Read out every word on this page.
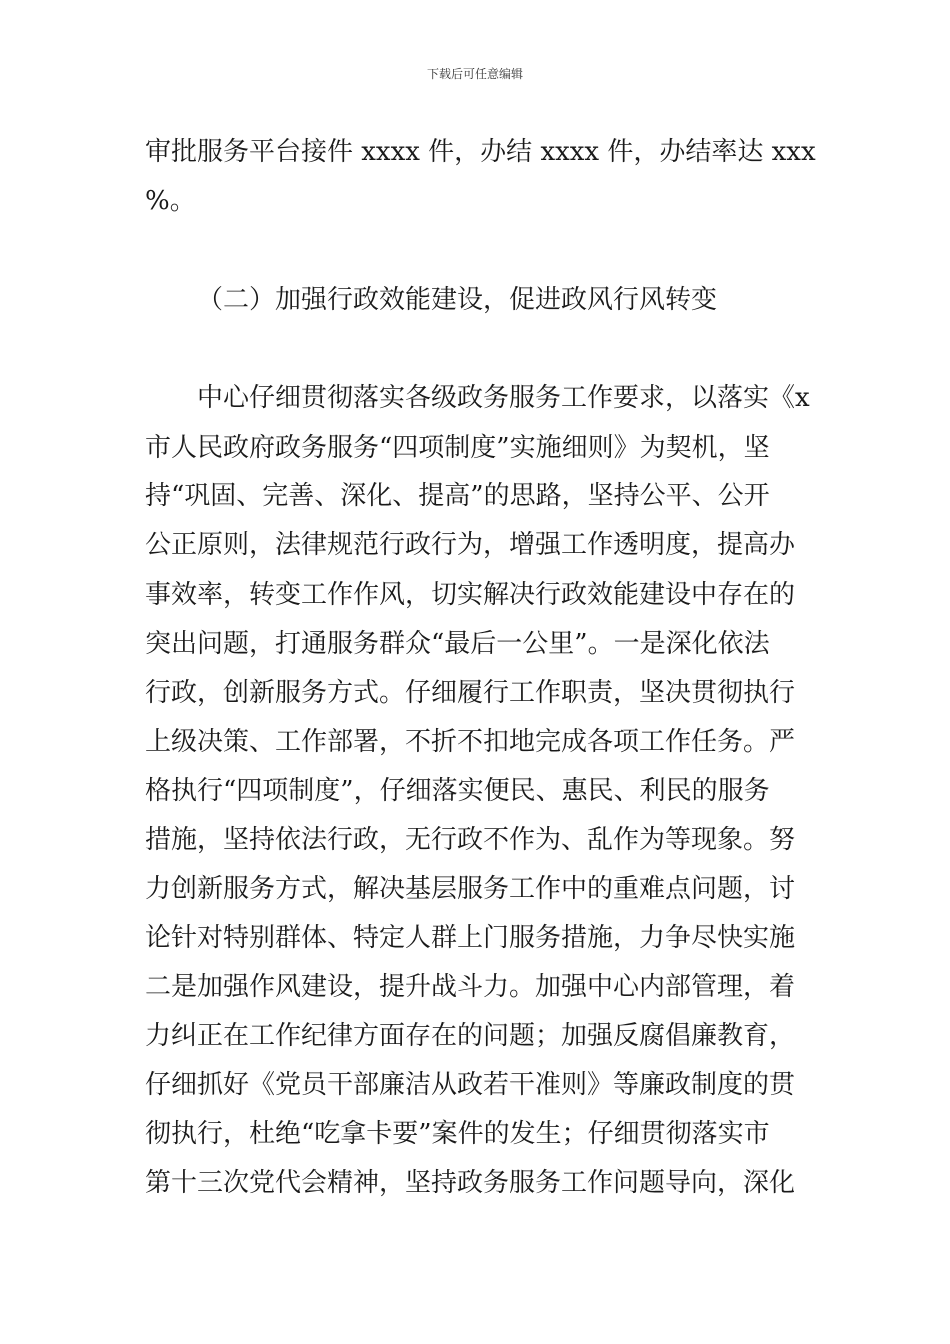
下载后可任意编辑
审批服务平台接件 xxxx 件，办结 xxxx 件，办结率达 xxx
%。
（二）加强行政效能建设，促进政风行风转变
中心仔细贯彻落实各级政务服务工作要求，以落实《x
市人民政府政务服务“四项制度”实施细则》为契机，坚
持“巩固、完善、深化、提高”的思路，坚持公平、公开
公正原则，法律规范行政行为，增强工作透明度，提高办
事效率，转变工作作风，切实解决行政效能建设中存在的
突出问题，打通服务群众“最后一公里”。一是深化依法
行政，创新服务方式。仔细履行工作职责，坚决贯彻执行
上级决策、工作部署，不折不扣地完成各项工作任务。严
格执行“四项制度”，仔细落实便民、惠民、利民的服务
措施，坚持依法行政，无行政不作为、乱作为等现象。努
力创新服务方式，解决基层服务工作中的重难点问题，讨
论针对特别群体、特定人群上门服务措施，力争尽快实施
二是加强作风建设，提升战斗力。加强中心内部管理，着
力纠正在工作纪律方面存在的问题；加强反腐倡廉教育，
仔细抓好《党员干部廉洁从政若干准则》等廉政制度的贯
彻执行，杜绝“吃拿卡要”案件的发生；仔细贯彻落实市
第十三次党代会精神，坚持政务服务工作问题导向，深化
